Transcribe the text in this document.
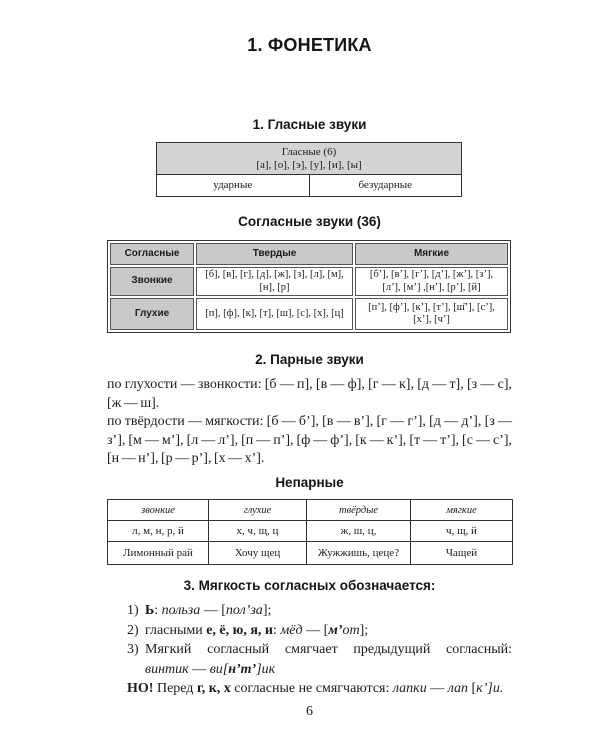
1. ФОНЕТИКА
1. Гласные звуки
Гласные (6)
[а], [о], [э], [у], [и], [ы]

ударные	безударные
Согласные звуки (36)
Согласные	Твердые	Мягкие
Звонкие	[б], [в], [г], [д], [ж], [з], [л], [м], [н], [р]	[б’], [в’], [г’], [д’], [ж’], [з’], [л’], [м’] ,[н’], [р’], [й]
Глухие	[п], [ф], [к], [т], [ш], [с], [х], [ц]	[п’], [ф’], [к’], [т’], [ш̄’], [с’], [х’], [ч’]
2. Парные звуки

по глухости — звонкости: [б — п], [в — ф], [г — к], [д — т], [з — с], [ж — ш].

по твёрдости — мягкости: [б — б’], [в — в’], [г — г’], [д — д’], [з — з’], [м — м’], [л — л’], [п — п’], [ф — ф’], [к — к’], [т — т’], [с — с’], [н — н’], [р — р’], [х — х’].

Непарные
звонкие	глухие	твёрдые	мягкие
л, м, н, р, й	х, ч, щ, ц	ж, ш, ц,	ч, щ, й
Лимонный рай	Хочу щец	Жужжишь, цеце?	Чащей
3. Мягкость согласных обозначается:
1) Ь: польза — [пол’за];
2) гласными е, ё, ю, я, и: мёд — [м’от];
3) Мягкий согласный смягчает предыдущий согласный:
винтик — ви[н’т’]ик
НО! Перед г, к, х согласные не смягчаются: лапки — лап [к’]и.
6
